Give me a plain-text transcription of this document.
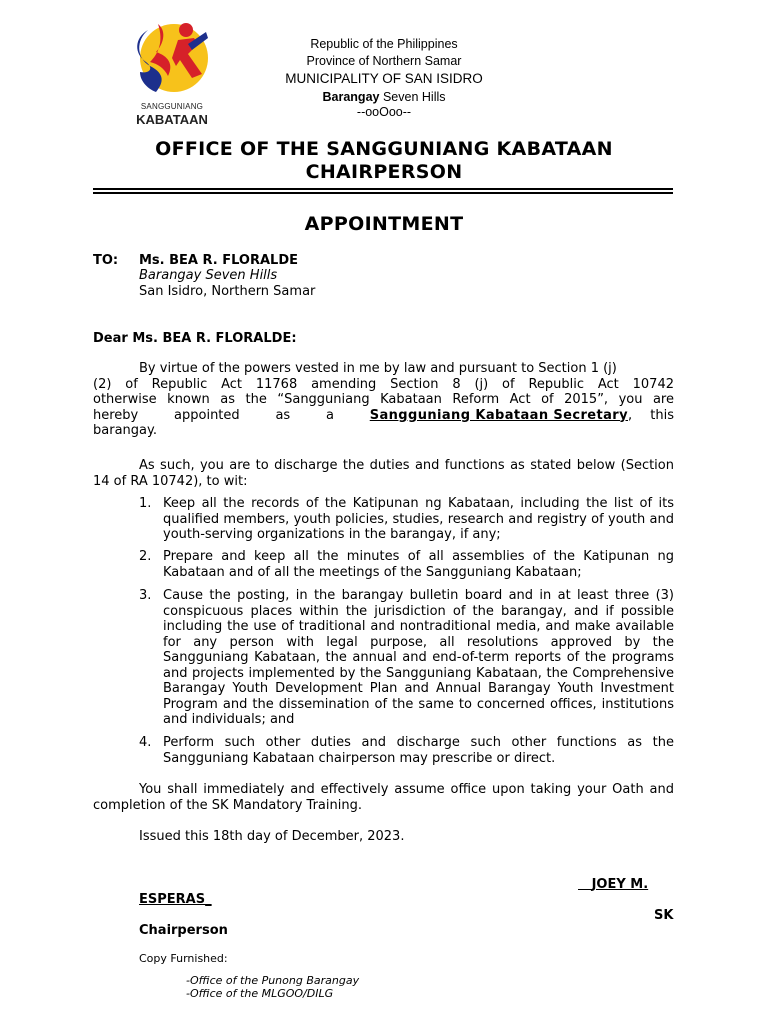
SANGGUNIANG
KABATAAN
Republic of the Philippines
Province of Northern Samar
MUNICIPALITY OF SAN ISIDRO
Barangay Seven Hills
--ooOoo--
OFFICE OF THE SANGGUNIANG KABATAAN
CHAIRPERSON
APPOINTMENT
TO: Ms. BEA R. FLORALDE
Barangay Seven Hills
San Isidro, Northern Samar
Dear Ms. BEA R. FLORALDE:
By virtue of the powers vested in me by law and pursuant to Section 1 (j)
(2) of Republic Act 11768 amending Section 8 (j) of Republic Act 10742
otherwise known as the “Sangguniang Kabataan Reform Act of 2015”, you are
hereby	appointed	as	a	Sangguniang Kabataan Secretary, this
barangay.
As such, you are to discharge the duties and functions as stated below (Section 14 of RA 10742), to wit:
1. Keep all the records of the Katipunan ng Kabataan, including the list of its qualified members, youth policies, studies, research and registry of youth and youth-serving organizations in the barangay, if any;
2. Prepare and keep all the minutes of all assemblies of the Katipunan ng Kabataan and of all the meetings of the Sangguniang Kabataan;
3. Cause the posting, in the barangay bulletin board and in at least three (3) conspicuous places within the jurisdiction of the barangay, and if possible including the use of traditional and nontraditional media, and make available for any person with legal purpose, all resolutions approved by the Sangguniang Kabataan, the annual and end-of-term reports of the programs and projects implemented by the Sangguniang Kabataan, the Comprehensive Barangay Youth Development Plan and Annual Barangay Youth Investment Program and the dissemination of the same to concerned offices, institutions and individuals; and
4. Perform such other duties and discharge such other functions as the Sangguniang Kabataan chairperson may prescribe or direct.
You shall immediately and effectively assume office upon taking your Oath and completion of the SK Mandatory Training.
Issued this 18th day of December, 2023.
JOEY M.
ESPERAS_
SK
Chairperson
Copy Furnished:
-Office of the Punong Barangay
-Office of the MLGOO/DILG
